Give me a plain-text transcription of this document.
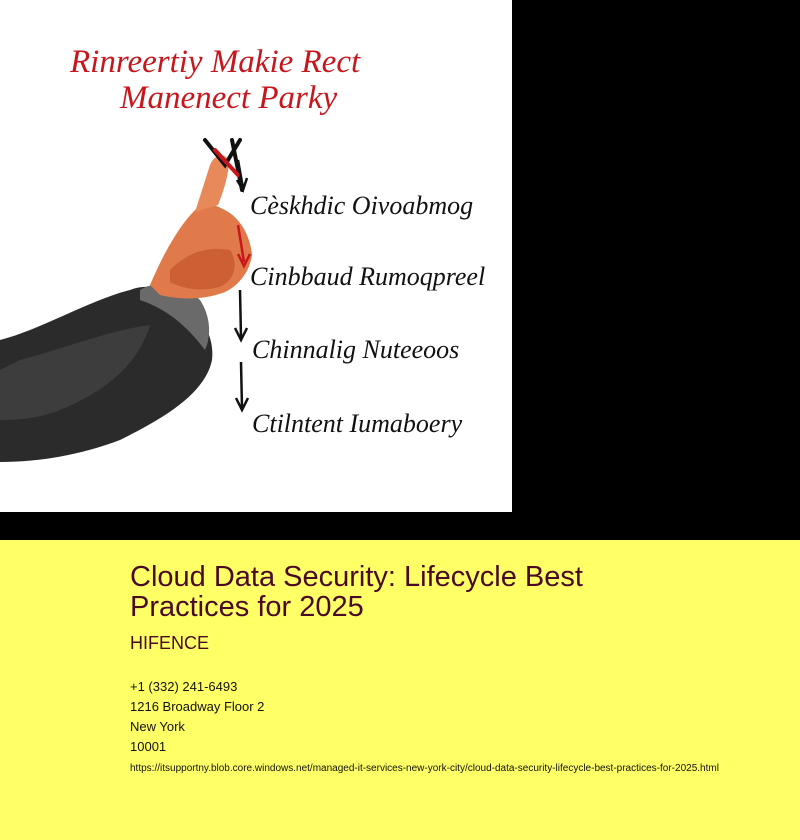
Rinreertiy Makie Rect
Manenect Parky
Cèskhdic Oivoabmog
Cinbbaud Rumoqpreel
Chinnalig Nuteeoos
Ctilntent Iumaboery
Cloud Data Security: Lifecycle Best Practices for 2025
HIFENCE
+1 (332) 241-6493
1216 Broadway Floor 2
New York
10001
https://itsupportny.blob.core.windows.net/managed-it-services-new-york-city/cloud-data-security-lifecycle-best-practices-for-2025.html
